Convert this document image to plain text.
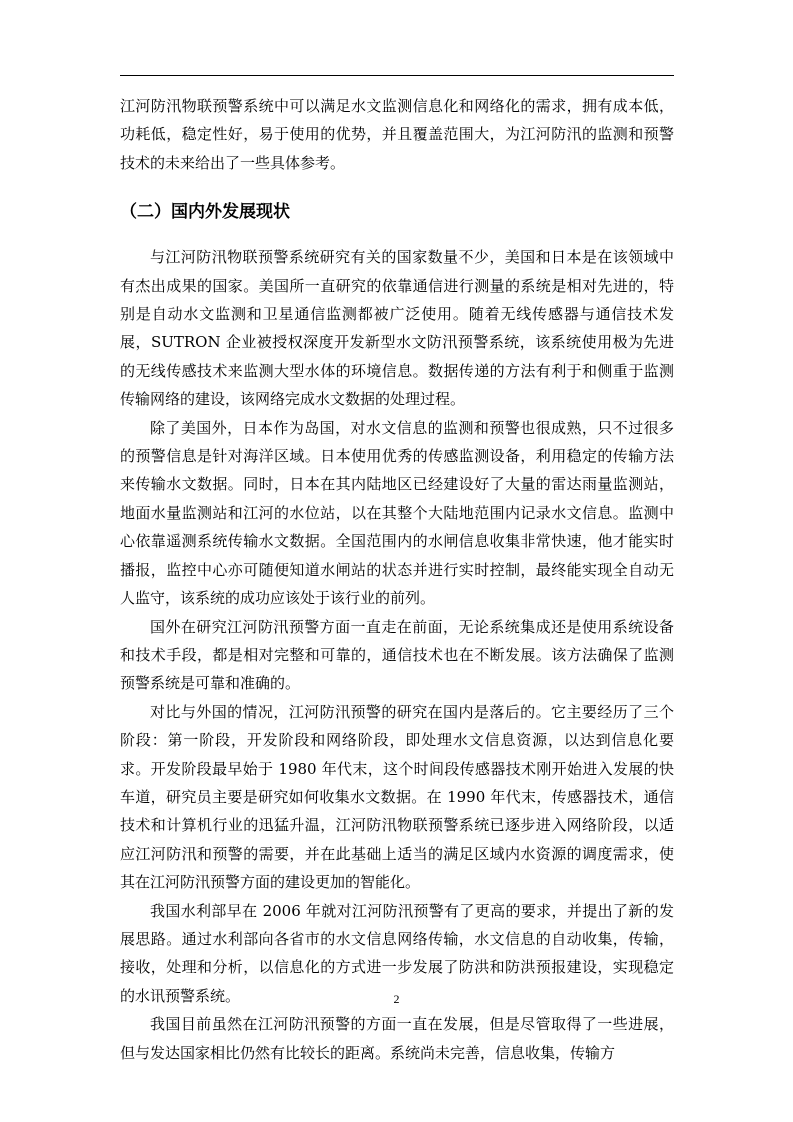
江河防汛物联预警系统中可以满足水文监测信息化和网络化的需求，拥有成本低，功耗低，稳定性好，易于使用的优势，并且覆盖范围大，为江河防汛的监测和预警技术的未来给出了一些具体参考。

（二）国内外发展现状

与江河防汛物联预警系统研究有关的国家数量不少，美国和日本是在该领域中有杰出成果的国家。美国所一直研究的依靠通信进行测量的系统是相对先进的，特别是自动水文监测和卫星通信监测都被广泛使用。随着无线传感器与通信技术发展，SUTRON 企业被授权深度开发新型水文防汛预警系统，该系统使用极为先进的无线传感技术来监测大型水体的环境信息。数据传递的方法有利于和侧重于监测传输网络的建设，该网络完成水文数据的处理过程。

除了美国外，日本作为岛国，对水文信息的监测和预警也很成熟，只不过很多的预警信息是针对海洋区域。日本使用优秀的传感监测设备，利用稳定的传输方法来传输水文数据。同时，日本在其内陆地区已经建设好了大量的雷达雨量监测站，地面水量监测站和江河的水位站，以在其整个大陆地范围内记录水文信息。监测中心依靠遥测系统传输水文数据。全国范围内的水闸信息收集非常快速，他才能实时播报，监控中心亦可随便知道水闸站的状态并进行实时控制，最终能实现全自动无人监守，该系统的成功应该处于该行业的前列。

国外在研究江河防汛预警方面一直走在前面，无论系统集成还是使用系统设备和技术手段，都是相对完整和可靠的，通信技术也在不断发展。该方法确保了监测预警系统是可靠和准确的。

对比与外国的情况，江河防汛预警的研究在国内是落后的。它主要经历了三个阶段：第一阶段，开发阶段和网络阶段，即处理水文信息资源，以达到信息化要求。开发阶段最早始于 1980 年代末，这个时间段传感器技术刚开始进入发展的快车道，研究员主要是研究如何收集水文数据。在 1990 年代末，传感器技术，通信技术和计算机行业的迅猛升温，江河防汛物联预警系统已逐步进入网络阶段，以适应江河防汛和预警的需要，并在此基础上适当的满足区域内水资源的调度需求，使其在江河防汛预警方面的建设更加的智能化。

我国水利部早在 2006 年就对江河防汛预警有了更高的要求，并提出了新的发展思路。通过水利部向各省市的水文信息网络传输，水文信息的自动收集，传输，接收，处理和分析，以信息化的方式进一步发展了防洪和防洪预报建设，实现稳定的水讯预警系统。

我国目前虽然在江河防汛预警的方面一直在发展，但是尽管取得了一些进展，但与发达国家相比仍然有比较长的距离。系统尚未完善，信息收集，传输方

2
